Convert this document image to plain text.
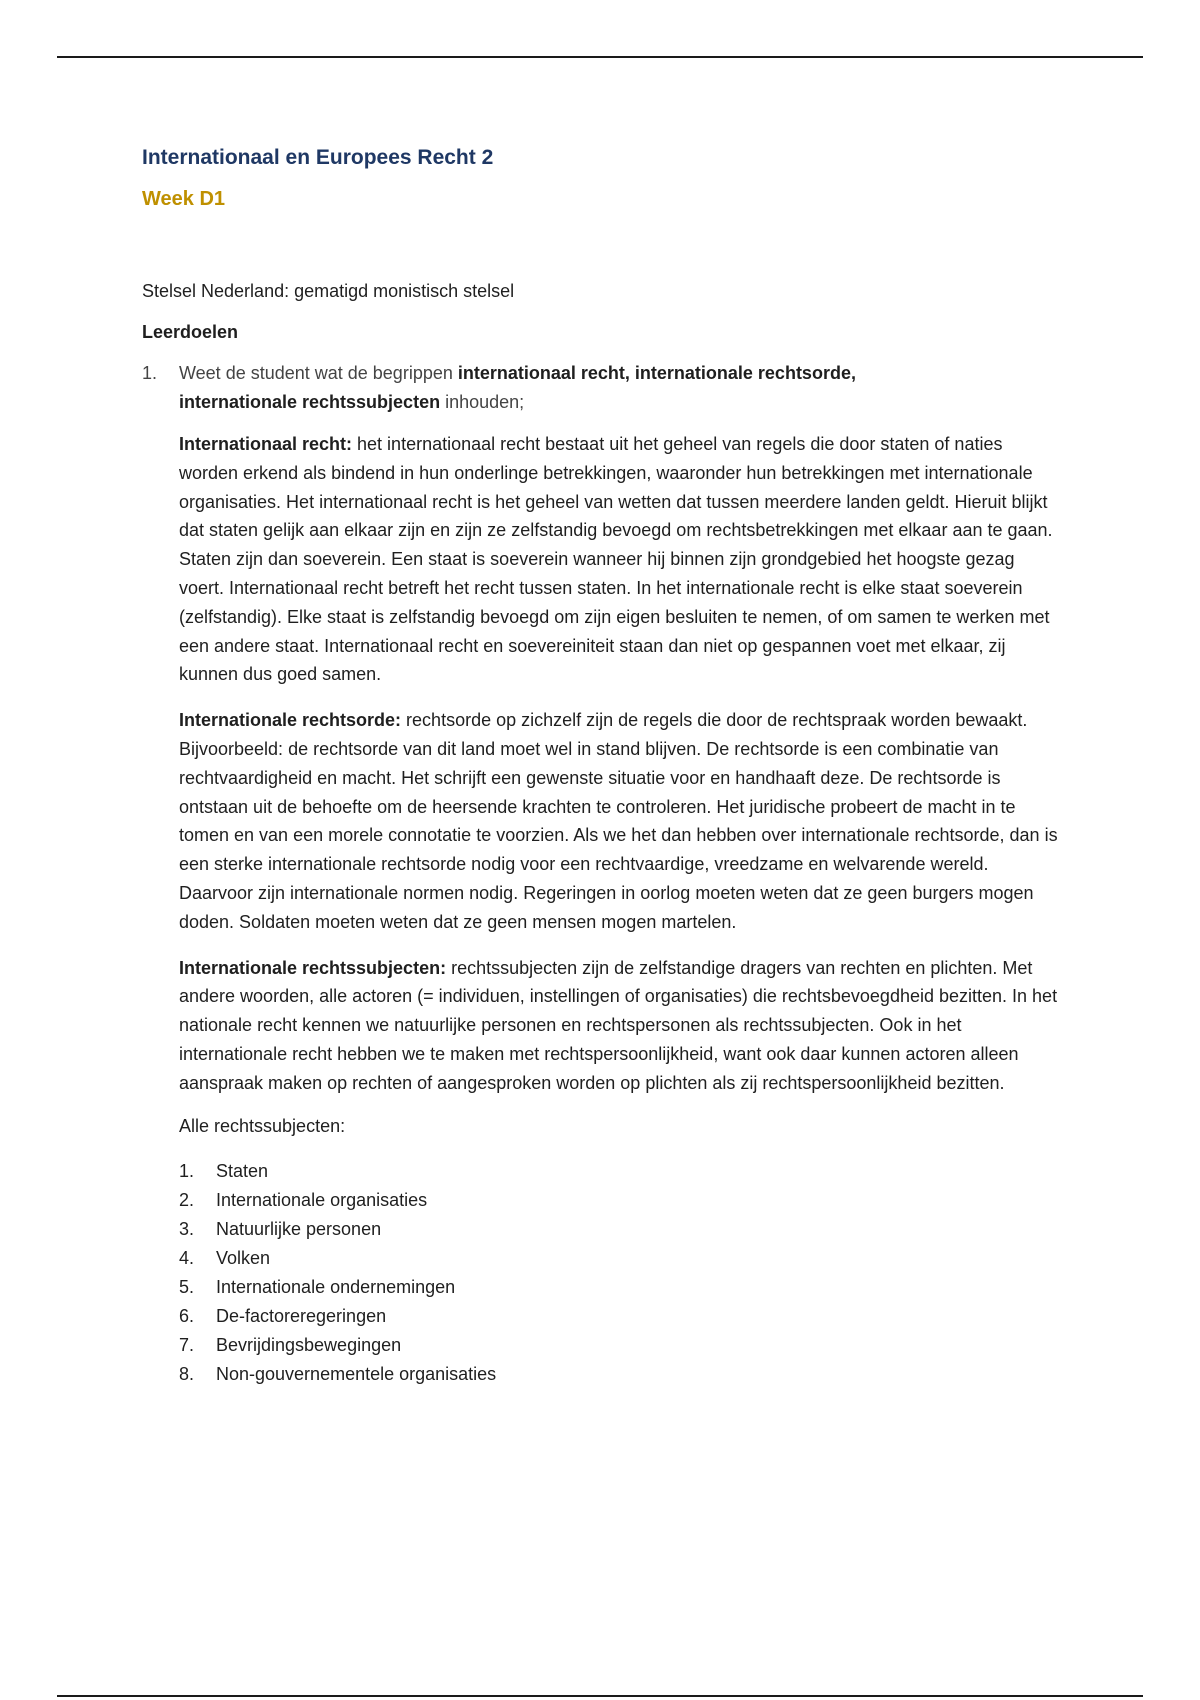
Internationaal en Europees Recht 2
Week D1

Stelsel Nederland: gematigd monistisch stelsel

Leerdoelen

1. Weet de student wat de begrippen internationaal recht, internationale rechtsorde,
internationale rechtssubjecten inhouden;

Internationaal recht: het internationaal recht bestaat uit het geheel van regels die door staten of naties worden erkend als bindend in hun onderlinge betrekkingen, waaronder hun betrekkingen met internationale organisaties. Het internationaal recht is het geheel van wetten dat tussen meerdere landen geldt. Hieruit blijkt dat staten gelijk aan elkaar zijn en zijn ze zelfstandig bevoegd om rechtsbetrekkingen met elkaar aan te gaan. Staten zijn dan soeverein. Een staat is soeverein wanneer hij binnen zijn grondgebied het hoogste gezag voert. Internationaal recht betreft het recht tussen staten. In het internationale recht is elke staat soeverein (zelfstandig). Elke staat is zelfstandig bevoegd om zijn eigen besluiten te nemen, of om samen te werken met een andere staat. Internationaal recht en soevereiniteit staan dan niet op gespannen voet met elkaar, zij kunnen dus goed samen.

Internationale rechtsorde: rechtsorde op zichzelf zijn de regels die door de rechtspraak worden bewaakt. Bijvoorbeeld: de rechtsorde van dit land moet wel in stand blijven. De rechtsorde is een combinatie van rechtvaardigheid en macht. Het schrijft een gewenste situatie voor en handhaaft deze. De rechtsorde is ontstaan uit de behoefte om de heersende krachten te controleren. Het juridische probeert de macht in te tomen en van een morele connotatie te voorzien. Als we het dan hebben over internationale rechtsorde, dan is een sterke internationale rechtsorde nodig voor een rechtvaardige, vreedzame en welvarende wereld. Daarvoor zijn internationale normen nodig. Regeringen in oorlog moeten weten dat ze geen burgers mogen doden. Soldaten moeten weten dat ze geen mensen mogen martelen.

Internationale rechtssubjecten: rechtssubjecten zijn de zelfstandige dragers van rechten en plichten. Met andere woorden, alle actoren (= individuen, instellingen of organisaties) die rechtsbevoegdheid bezitten. In het nationale recht kennen we natuurlijke personen en rechtspersonen als rechtssubjecten. Ook in het internationale recht hebben we te maken met rechtspersoonlijkheid, want ook daar kunnen actoren alleen aanspraak maken op rechten of aangesproken worden op plichten als zij rechtspersoonlijkheid bezitten.

Alle rechtssubjecten:

1. Staten
2. Internationale organisaties
3. Natuurlijke personen
4. Volken
5. Internationale ondernemingen
6. De-factoreregeringen
7. Bevrijdingsbewegingen
8. Non-gouvernementele organisaties
